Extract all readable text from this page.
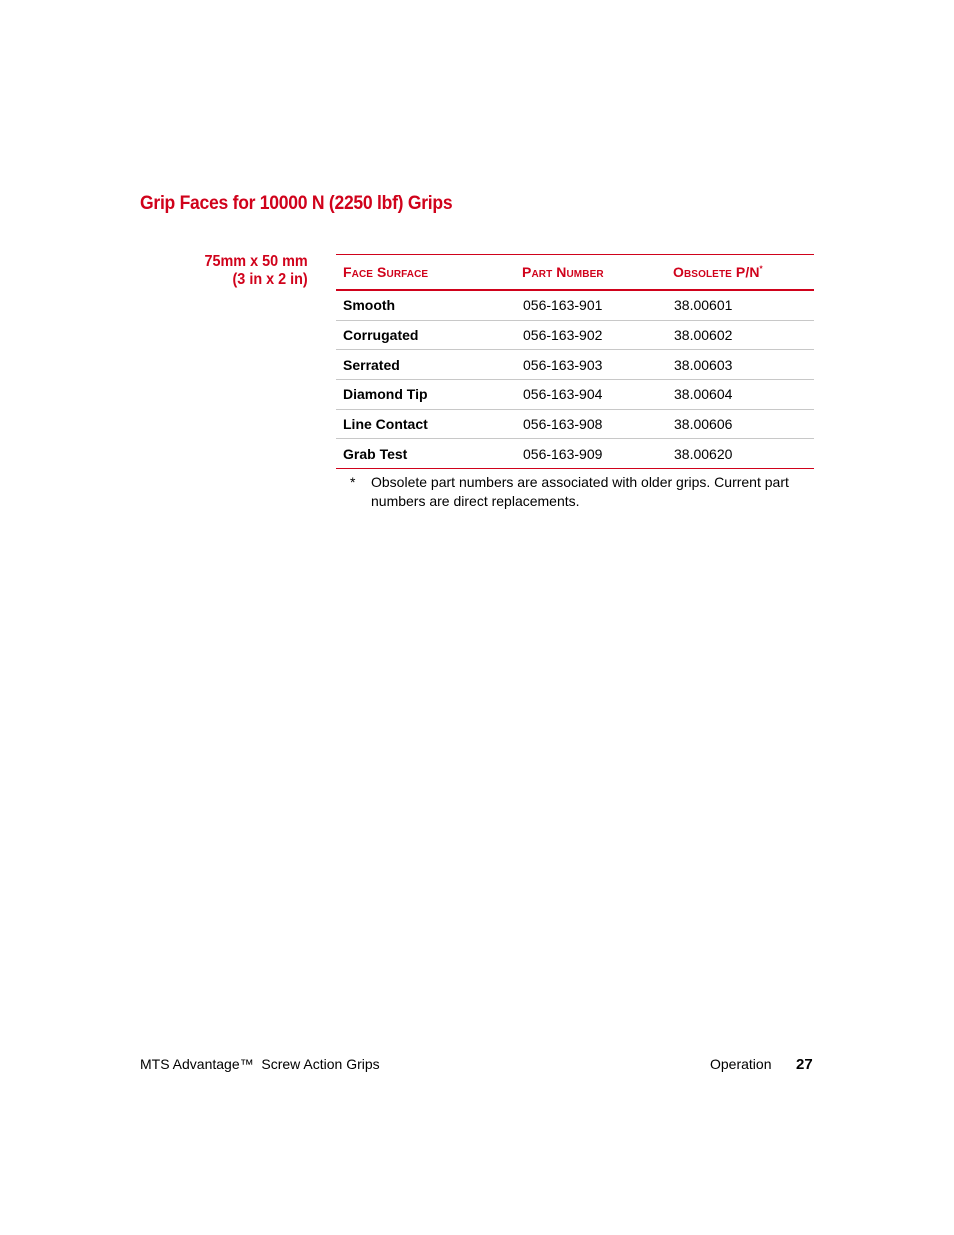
Grip Faces for 10000 N (2250 lbf) Grips
75mm x 50 mm
(3 in x 2 in)	Face Surface	Part Number	Obsolete P/N*
Smooth	056-163-901	38.00601
Corrugated	056-163-902	38.00602
Serrated	056-163-903	38.00603
Diamond Tip	056-163-904	38.00604
Line Contact	056-163-908	38.00606
Grab Test	056-163-909	38.00620
* Obsolete part numbers are associated with older grips. Current part numbers are direct replacements.
MTS Advantage™  Screw Action Grips	Operation 27
